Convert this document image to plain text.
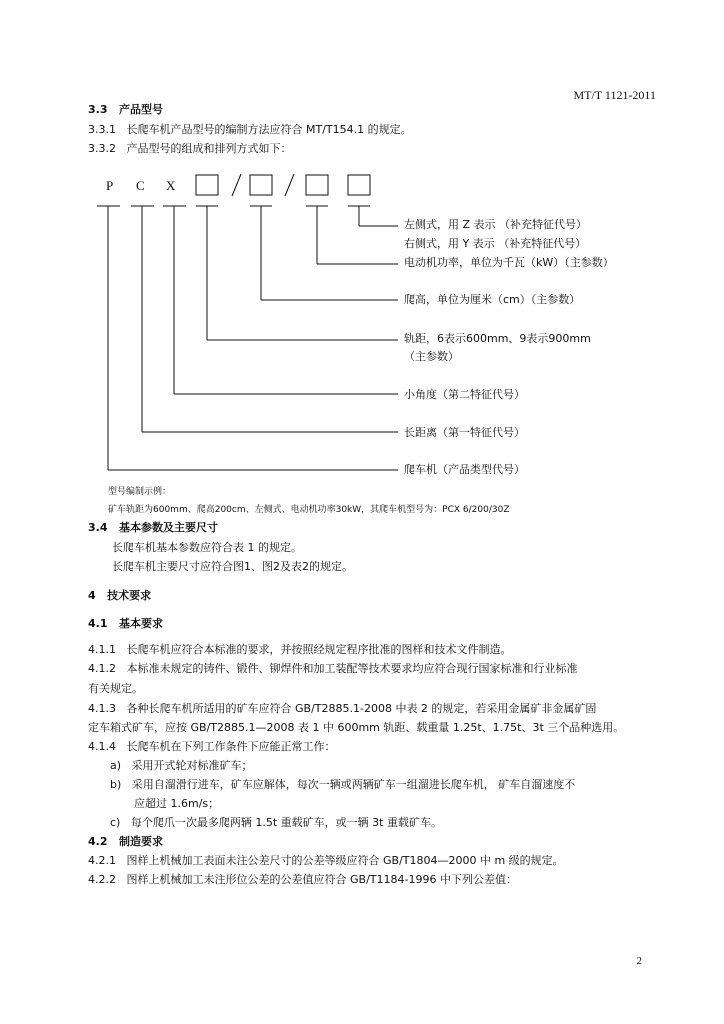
MT/T 1121-2011
3.3 产品型号
3.3.1 长爬车机产品型号的编制方法应符合 MT/T154.1 的规定。
3.3.2 产品型号的组成和排列方式如下：
P C X
左侧式，用 Z 表示 （补充特征代号）
右侧式，用 Y 表示 （补充特征代号）
电动机功率，单位为千瓦（kW）（主参数）
爬高，单位为厘米（cm）（主参数）
轨距，6表示600mm、9表示900mm
（主参数）
小角度（第二特征代号）
长距离（第一特征代号）
爬车机（产品类型代号）
型号编制示例：
矿车轨距为600mm、爬高200cm、左侧式、电动机功率30kW，其爬车机型号为：PCX 6/200/30Z
3.4 基本参数及主要尺寸
长爬车机基本参数应符合表 1 的规定。
长爬车机主要尺寸应符合图1、图2及表2的规定。
4 技术要求
4.1 基本要求
4.1.1 长爬车机应符合本标准的要求，并按照经规定程序批准的图样和技术文件制造。
4.1.2 本标准未规定的铸件、锻件、铆焊件和加工装配等技术要求均应符合现行国家标准和行业标准
有关规定。
4.1.3 各种长爬车机所适用的矿车应符合 GB/T2885.1-2008 中表 2 的规定，若采用金属矿非金属矿固
定车箱式矿车，应按 GB/T2885.1—2008 表 1 中 600mm 轨距、载重量 1.25t、1.75t、3t 三个品种选用。
4.1.4 长爬车机在下列工作条件下应能正常工作：
a) 采用开式轮对标准矿车；
b) 采用自溜滑行进车，矿车应解体，每次一辆或两辆矿车一组溜进长爬车机， 矿车自溜速度不
应超过 1.6m/s；
c) 每个爬爪一次最多爬两辆 1.5t 重载矿车，或一辆 3t 重载矿车。
4.2 制造要求
4.2.1 图样上机械加工表面未注公差尺寸的公差等级应符合 GB/T1804—2000 中 m 级的规定。
4.2.2 图样上机械加工未注形位公差的公差值应符合 GB/T1184-1996 中下列公差值：
2
